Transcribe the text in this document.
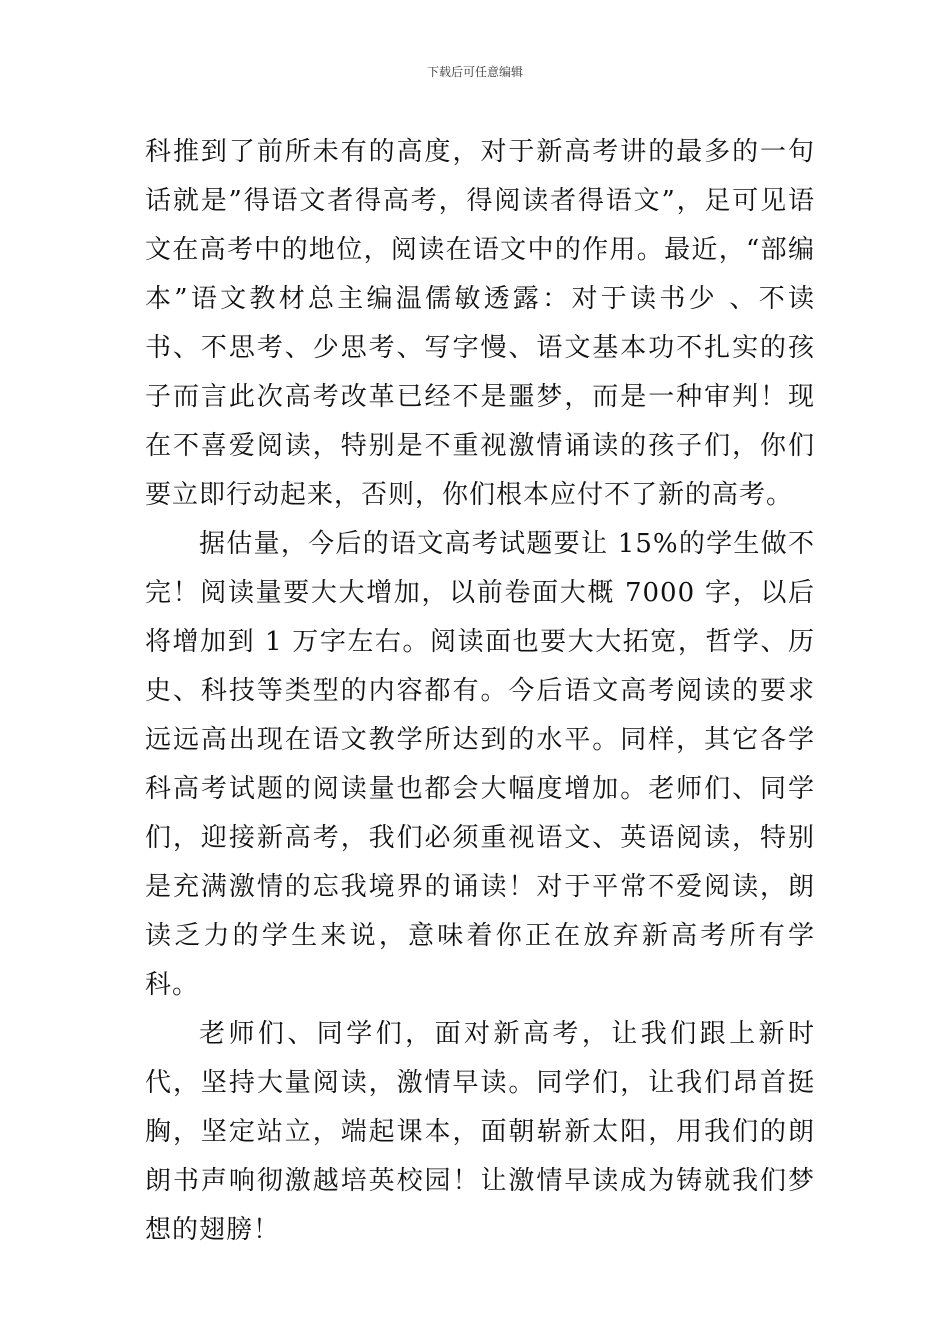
下载后可任意编辑

科推到了前所未有的高度，对于新高考讲的最多的一句话就是”得语文者得高考，得阅读者得语文”，足可见语文在高考中的地位，阅读在语文中的作用。最近，“部编本”语文教材总主编温儒敏透露：对于读书少 、不读书、不思考、少思考、写字慢、语文基本功不扎实的孩子而言此次高考改革已经不是噩梦，而是一种审判！现在不喜爱阅读，特别是不重视激情诵读的孩子们，你们要立即行动起来，否则，你们根本应付不了新的高考。

据估量，今后的语文高考试题要让 15%的学生做不完！阅读量要大大增加，以前卷面大概 7000 字，以后将增加到 1 万字左右。阅读面也要大大拓宽，哲学、历史、科技等类型的内容都有。今后语文高考阅读的要求远远高出现在语文教学所达到的水平。同样，其它各学科高考试题的阅读量也都会大幅度增加。老师们、同学们，迎接新高考，我们必须重视语文、英语阅读，特别是充满激情的忘我境界的诵读！对于平常不爱阅读，朗读乏力的学生来说，意味着你正在放弃新高考所有学科。

老师们、同学们，面对新高考，让我们跟上新时代，坚持大量阅读，激情早读。同学们，让我们昂首挺胸，坚定站立，端起课本，面朝崭新太阳，用我们的朗朗书声响彻激越培英校园！让激情早读成为铸就我们梦想的翅膀！
